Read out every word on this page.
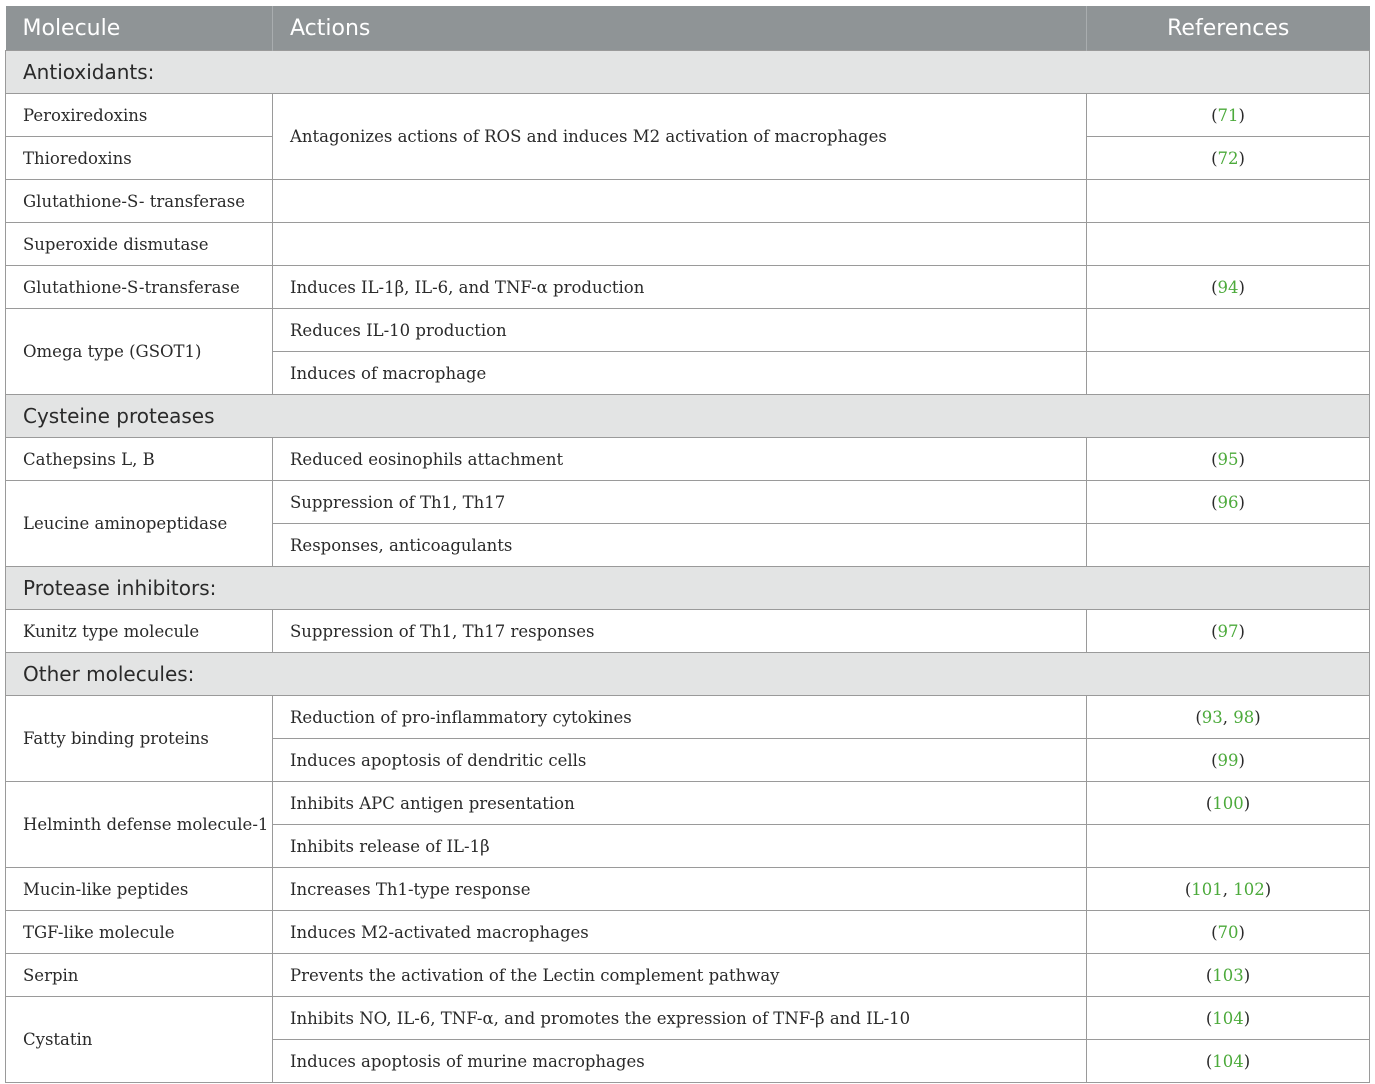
Molecule	Actions	References
Antioxidants:		
Peroxiredoxins	Antagonizes actions of ROS and induces M2 activation of macrophages	(71)
Thioredoxins		(72)
Glutathione-S- transferase		
Superoxide dismutase		
Glutathione-S-transferase	Induces IL-1β, IL-6, and TNF-α production	(94)
Omega type (GSOT1)	Reduces IL-10 production	
	Induces of macrophage	
Cysteine proteases		
Cathepsins L, B	Reduced eosinophils attachment	(95)
Leucine aminopeptidase	Suppression of Th1, Th17	(96)
	Responses, anticoagulants	
Protease inhibitors:		
Kunitz type molecule	Suppression of Th1, Th17 responses	(97)
Other molecules:		
Fatty binding proteins	Reduction of pro-inflammatory cytokines	(93, 98)
	Induces apoptosis of dendritic cells	(99)
Helminth defense molecule-1	Inhibits APC antigen presentation	(100)
	Inhibits release of IL-1β	
Mucin-like peptides	Increases Th1-type response	(101, 102)
TGF-like molecule	Induces M2-activated macrophages	(70)
Serpin	Prevents the activation of the Lectin complement pathway	(103)
Cystatin	Inhibits NO, IL-6, TNF-α, and promotes the expression of TNF-β and IL-10	(104)
	Induces apoptosis of murine macrophages	(104)
